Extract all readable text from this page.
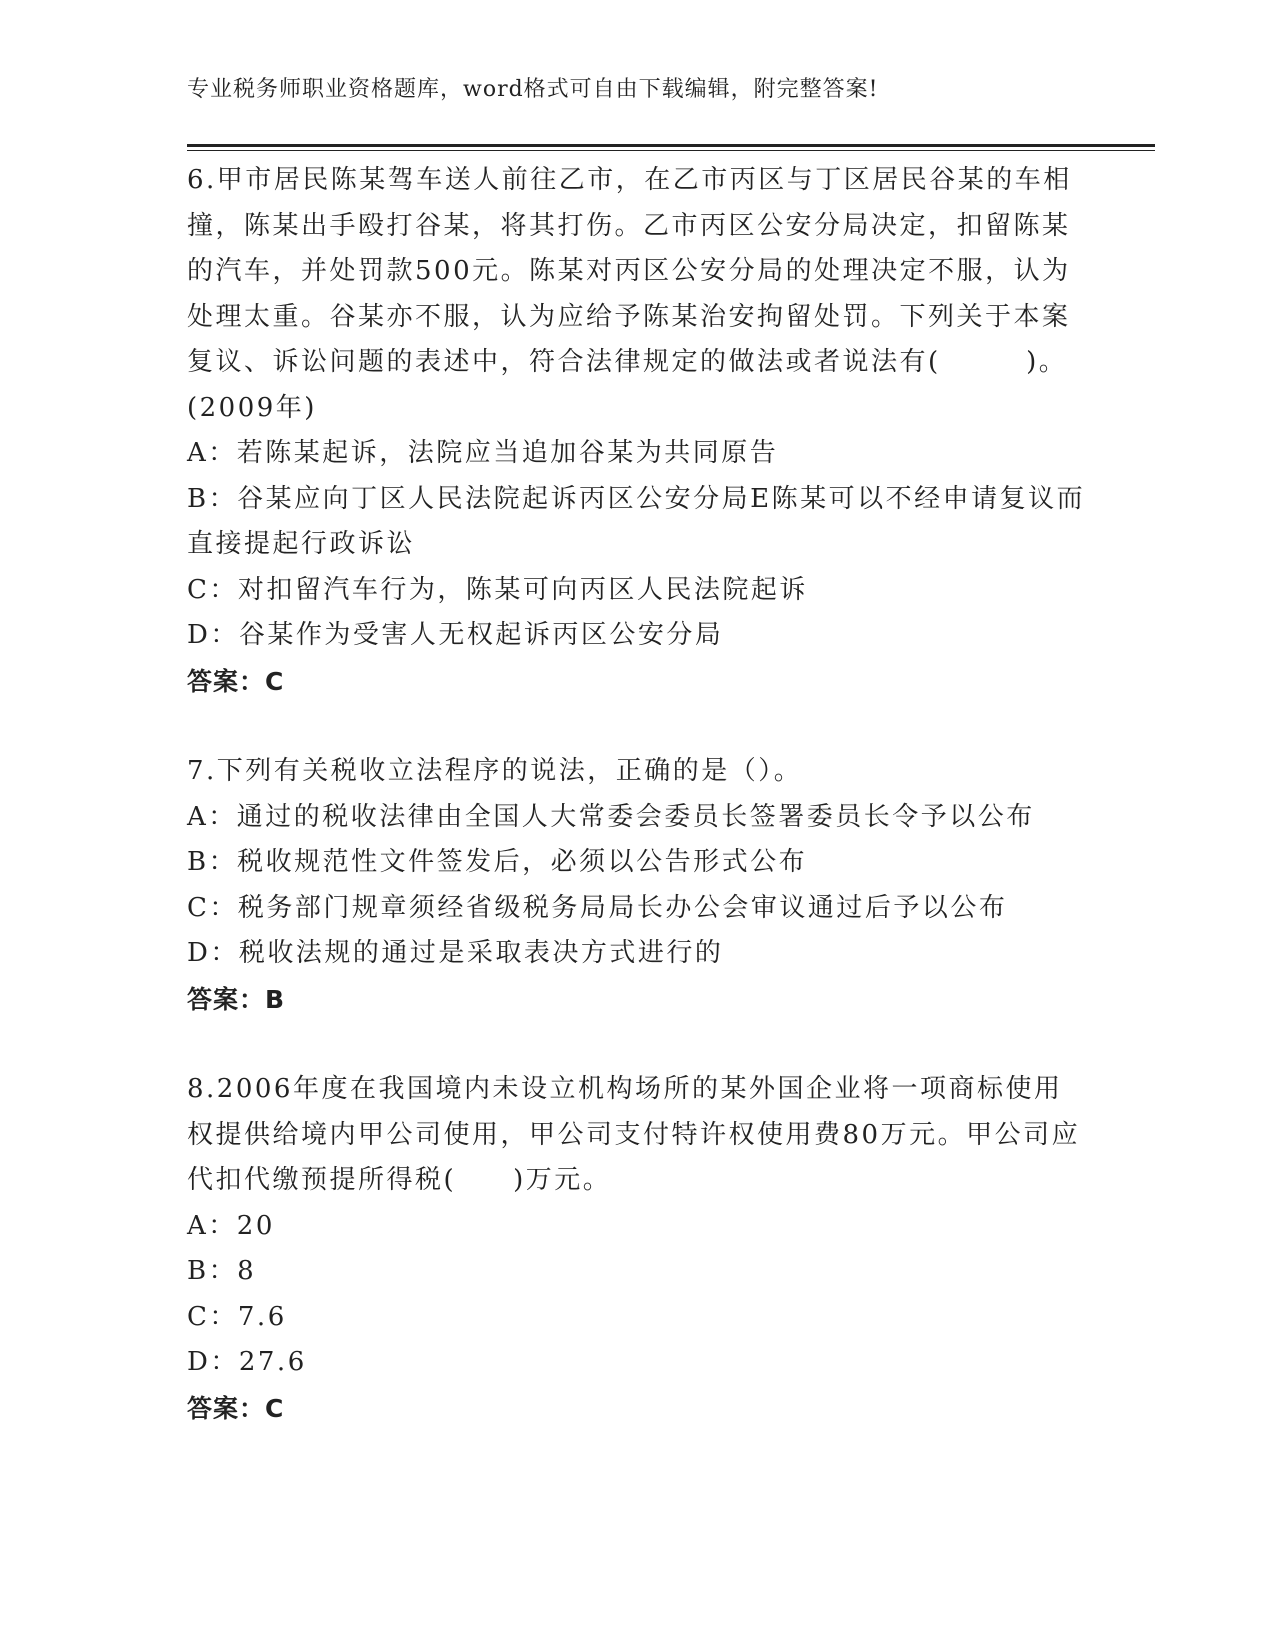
专业税务师职业资格题库，word格式可自由下载编辑，附完整答案!

6.甲市居民陈某驾车送人前往乙市，在乙市丙区与丁区居民谷某的车相撞，陈某出手殴打谷某，将其打伤。乙市丙区公安分局决定，扣留陈某的汽车，并处罚款500元。陈某对丙区公安分局的处理决定不服，认为处理太重。谷某亦不服，认为应给予陈某治安拘留处罚。下列关于本案复议、诉讼问题的表述中，符合法律规定的做法或者说法有(　　　)。(2009年)

A：若陈某起诉，法院应当追加谷某为共同原告

B：谷某应向丁区人民法院起诉丙区公安分局E陈某可以不经申请复议而直接提起行政诉讼

C：对扣留汽车行为，陈某可向丙区人民法院起诉

D：谷某作为受害人无权起诉丙区公安分局

答案：C

7.下列有关税收立法程序的说法，正确的是（）。

A：通过的税收法律由全国人大常委会委员长签署委员长令予以公布

B：税收规范性文件签发后，必须以公告形式公布

C：税务部门规章须经省级税务局局长办公会审议通过后予以公布

D：税收法规的通过是采取表决方式进行的

答案：B

8.2006年度在我国境内未设立机构场所的某外国企业将一项商标使用权提供给境内甲公司使用，甲公司支付特许权使用费80万元。甲公司应代扣代缴预提所得税(　　)万元。

A：20

B：8

C：7.6

D：27.6

答案：C
